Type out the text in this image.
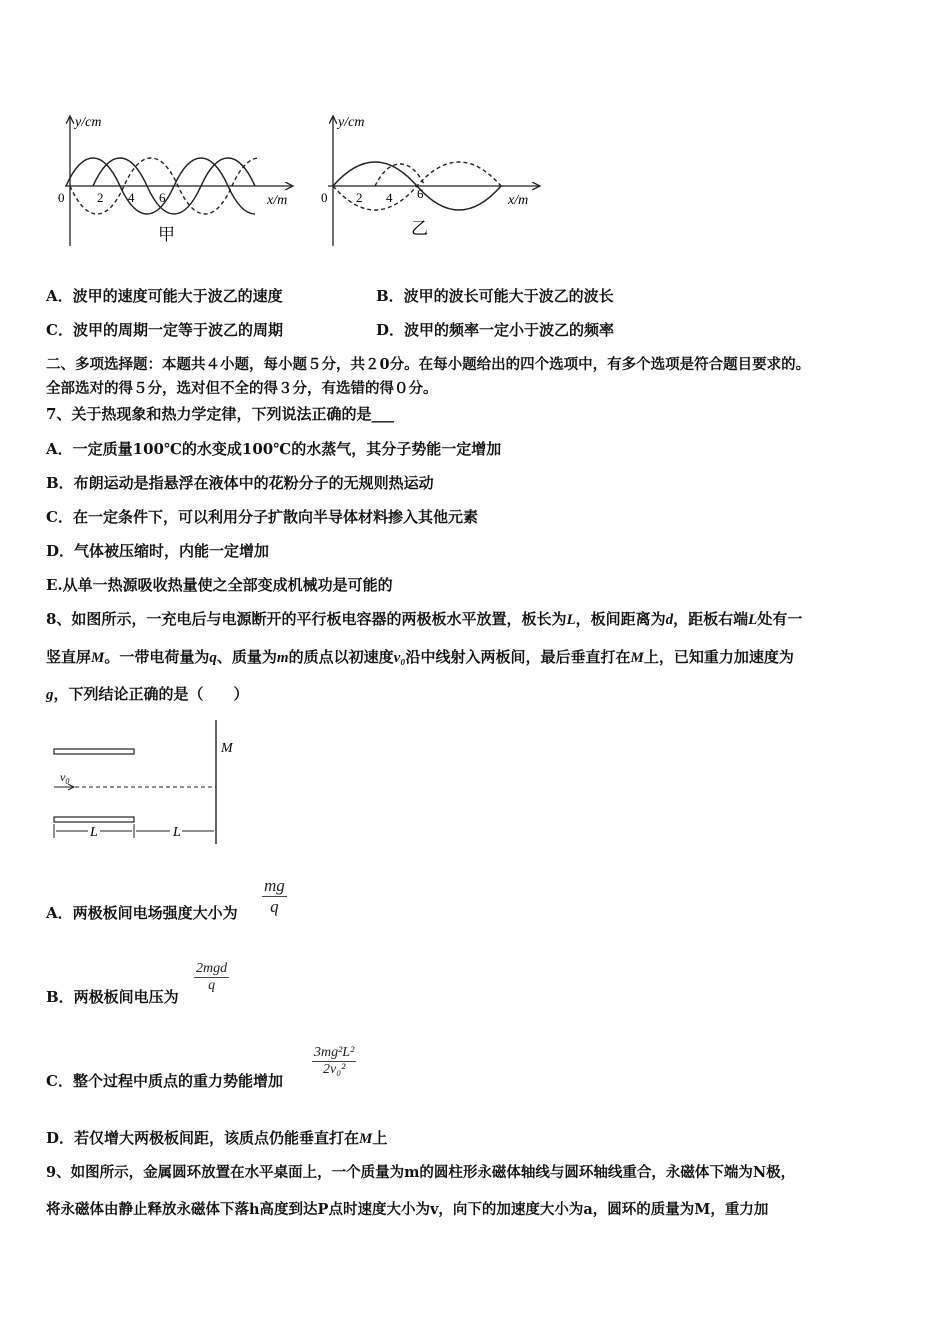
y/cm
x/m
0	2 4 6
甲
y/cm
x/m
0 2 4 6
乙
A．波甲的速度可能大于波乙的速度	B．波甲的波长可能大于波乙的波长
C．波甲的周期一定等于波乙的周期	D．波甲的频率一定小于波乙的频率
二、多项选择题：本题共４小题，每小题５分，共２0分。在每小题给出的四个选项中，有多个选项是符合题目要求的。
全部选对的得５分，选对但不全的得３分，有选错的得０分。
7、关于热现象和热力学定律，下列说法正确的是___
A．一定质量100℃的水变成100℃的水蒸气，其分子势能一定增加
B．布朗运动是指悬浮在液体中的花粉分子的无规则热运动
C．在一定条件下，可以利用分子扩散向半导体材料掺入其他元素
D．气体被压缩时，内能一定增加
E.从单一热源吸收热量使之全部变成机械功是可能的
8、如图所示，一充电后与电源断开的平行板电容器的两极板水平放置，板长为L，板间距离为d，距板右端L处有一
竖直屏M。一带电荷量为q、质量为m的质点以初速度v₀沿中线射入两板间，最后垂直打在M上，已知重力加速度为
g，下列结论正确的是（　　）
M
$v_0$
L	L
A．两极板间电场强度大小为
mg
q
B．两极板间电压为
2mgd
q
C．整个过程中质点的重力势能增加
3mg²L²
2v₀²
D．若仅增大两极板间距，该质点仍能垂直打在M上
9、如图所示，金属圆环放置在水平桌面上，一个质量为m的圆柱形永磁体轴线与圆环轴线重合，永磁体下端为N极，
将永磁体由静止释放永磁体下落h高度到达P点时速度大小为v，向下的加速度大小为a，圆环的质量为M，重力加
